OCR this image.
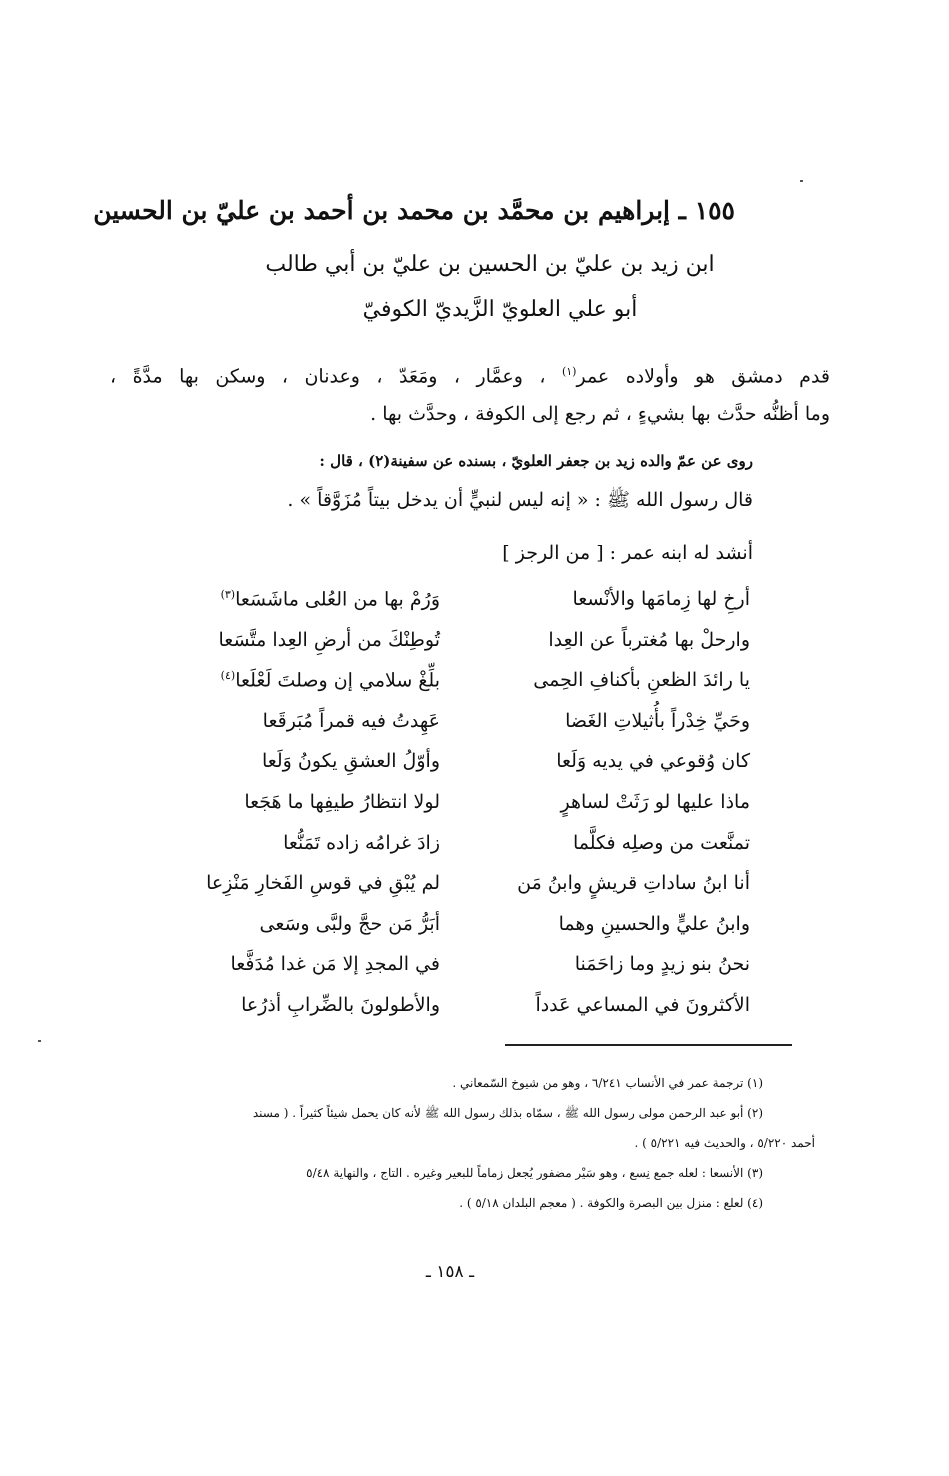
١٥٥ ـ إبراهيم بن محمَّد بن محمد بن أحمد بن عليّ بن الحسين
ابن زيد بن عليّ بن الحسين بن عليّ بن أبي طالب
أبو علي العلويّ الزَّيديّ الكوفيّ
قدم دمشق هو وأولاده عمر$^{(١)}$ ، وعمَّار ، ومَعَدّ ، وعدنان ، وسكن بها مدَّةً ،
وما أظنُّه حدَّث بها بشيءٍ ، ثم رجع إلى الكوفة ، وحدَّث بها .
روى عن عمّ والده زيد بن جعفر العلويّ ، بسنده عن سفينة(٢) ، قال :
قال رسول الله ﷺ : « إنه ليس لنبيٍّ أن يدخل بيتاً مُزَوَّقاً » .
أنشد له ابنه عمر : [ من الرجز ]
أرخِ لها زِمامَها والأنْسعا
وَرُمْ بها من العُلى ماشَسَعا$^{(٣)}$
وارحلْ بها مُغترباً عن العِدا
تُوطِنْكَ من أرضِ العِدا متَّسَعا
يا رائدَ الظعنِ بأكنافِ الحِمى
بلِّغْ سلامي إن وصلتَ لَعْلَعا$^{(٤)}$
وحَيِّ خِدْراً بأُثيلاتِ الغَضا
عَهِدتُ فيه قمراً مُبَرقَعا
كان وُقوعي في يديه وَلَعا
وأوّلُ العشقِ يكونُ وَلَعا
ماذا عليها لو رَثَتْ لساهرٍ
لولا انتظارُ طيفِها ما هَجَعا
تمنَّعت من وصلِه فكلَّما
زادَ غرامُه زاده تَمَنُّعا
أنا ابنُ ساداتِ قريشٍ وابنُ مَن
لم يُبْقِ في قوسِ الفَخارِ مَنْزِعا
وابنُ عليٍّ والحسينِ وهما
أبَرُّ مَن حجَّ ولبَّى وسَعى
نحنُ بنو زيدٍ وما زاحَمَنا
في المجدِ إلا مَن غدا مُدَفَّعا
الأكثرونَ في المساعي عَدداً
والأطولونَ بالضِّرابِ أذرُعا
(١) ترجمة عمر في الأنساب ٦/٢٤١ ، وهو من شيوخ السّمعاني .
(٢) أبو عبد الرحمن مولى رسول الله ﷺ ، سمّاه بذلك رسول الله ﷺ لأنه كان يحمل شيئاً كثيراً . ( مسند
أحمد ٥/٢٢٠ ، والحديث فيه ٥/٢٢١ ) .
(٣) الأنسعا : لعله جمع نِسع ، وهو سَيْر مضفور يُجعل زماماً للبعير وغيره . التاج ، والنهاية ٥/٤٨
(٤) لعلع : منزل بين البصرة والكوفة . ( معجم البلدان ٥/١٨ ) .
ـ ١٥٨ ـ
